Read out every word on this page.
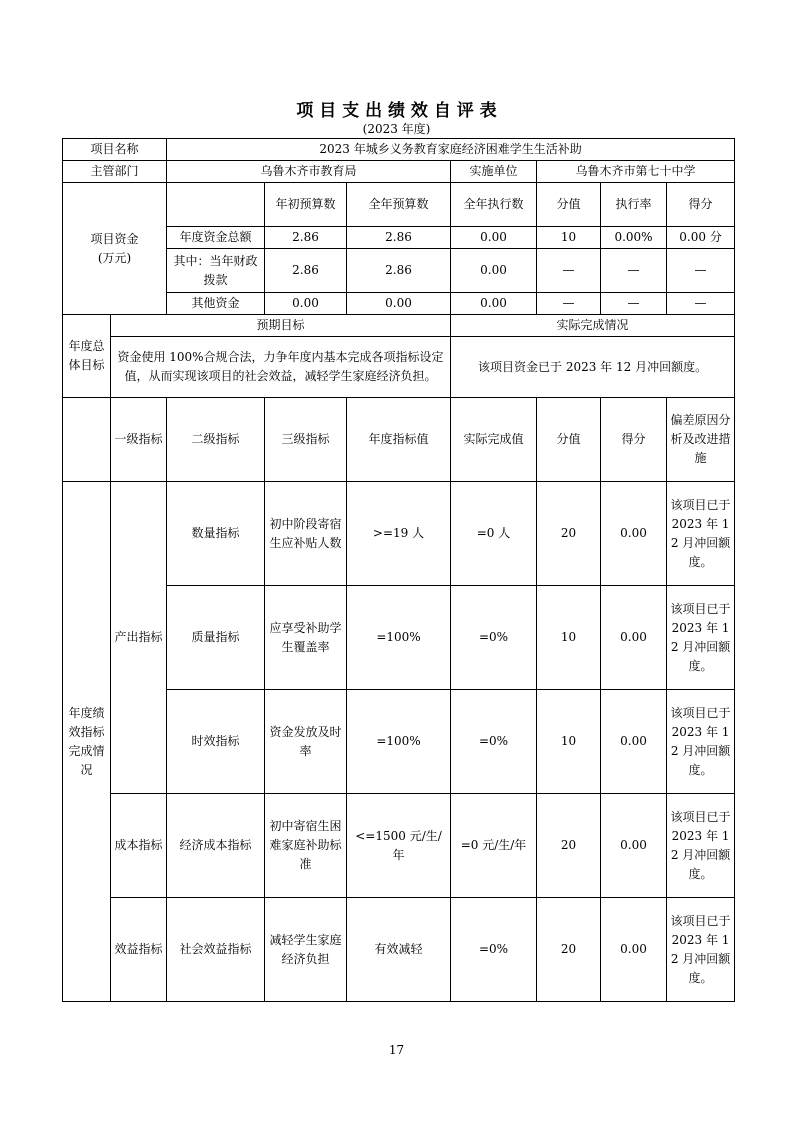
项 目 支 出 绩 效 自 评 表
(2023 年度)
项目名称		2023 年城乡义务教育家庭经济困难学生生活补助						
主管部门		乌鲁木齐市教育局			实施单位	乌鲁木齐市第七十中学		
项目资金
(万元)			年初预算数	全年预算数	全年执行数	分值	执行率	得分
		年度资金总额	2.86	2.86	0.00	10	0.00%	0.00 分
		其中：当年财政拨款	2.86	2.86	0.00	—	—	—
		其他资金	0.00	0.00	0.00	—	—	—
年度总体目标	预期目标				实际完成情况			
	资金使用 100%合规合法，力争年度内基本完成各项指标设定值，从而实现该项目的社会效益，减轻学生家庭经济负担。				该项目资金已于 2023 年 12 月冲回额度。			
	一级指标	二级指标	三级指标	年度指标值	实际完成值	分值	得分	偏差原因分析及改进措施
年度绩效指标完成情况	产出指标	数量指标	初中阶段寄宿生应补贴人数	>=19 人	=0 人	20	0.00	该项目已于 2023 年 12 月冲回额度。
		质量指标	应享受补助学生覆盖率	=100%	=0%	10	0.00	该项目已于 2023 年 12 月冲回额度。
		时效指标	资金发放及时率	=100%	=0%	10	0.00	该项目已于 2023 年 12 月冲回额度。
	成本指标	经济成本指标	初中寄宿生困难家庭补助标准	<=1500 元/生/年	=0 元/生/年	20	0.00	该项目已于 2023 年 12 月冲回额度。
	效益指标	社会效益指标	减轻学生家庭经济负担	有效减轻	=0%	20	0.00	该项目已于 2023 年 12 月冲回额度。
17
